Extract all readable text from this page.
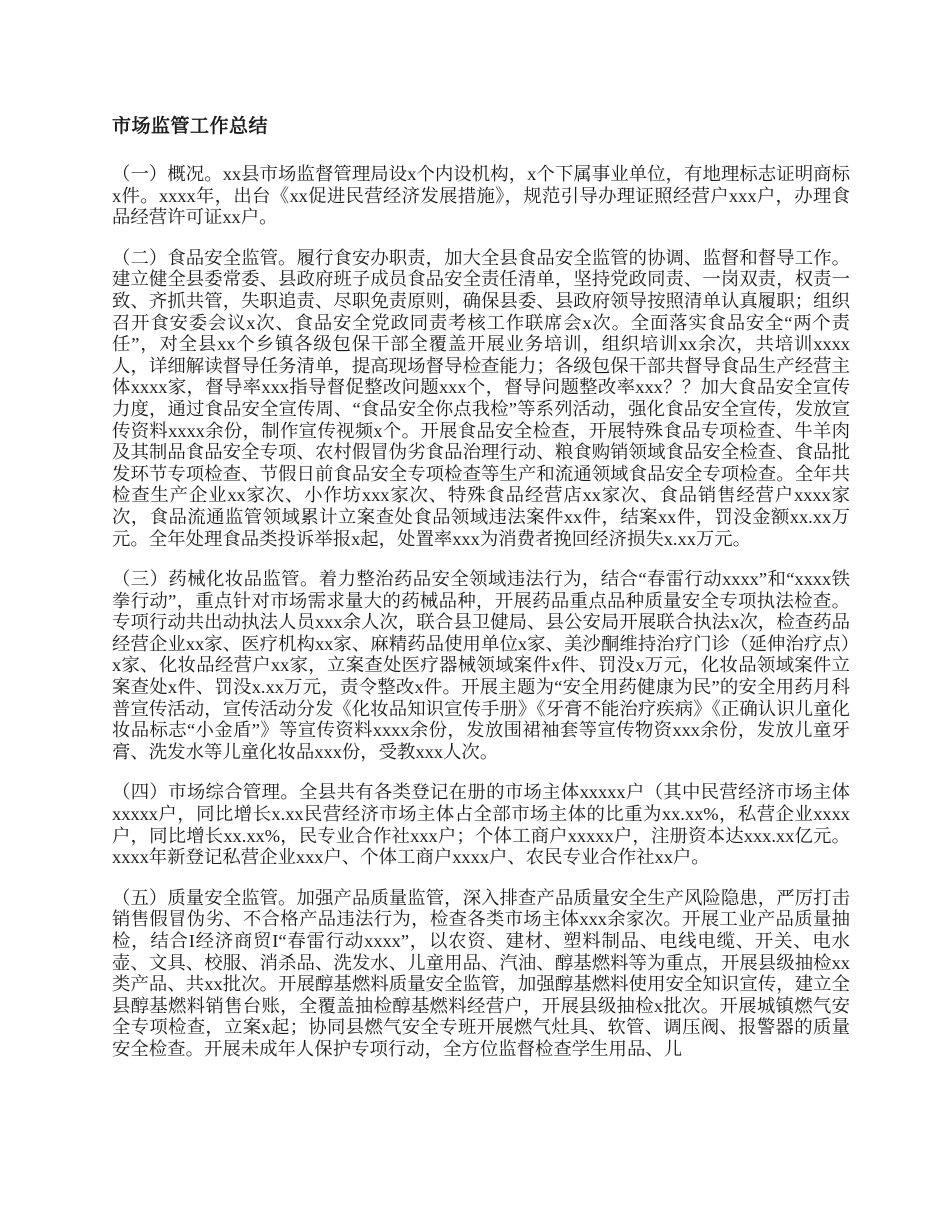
市场监管工作总结

（一）概况。xx县市场监督管理局设x个内设机构，x个下属事业单位，有地理标志证明商标x件。xxxx年，出台《xx促进民营经济发展措施》，规范引导办理证照经营户xxx户，办理食品经营许可证xx户。

（二）食品安全监管。履行食安办职责，加大全县食品安全监管的协调、监督和督导工作。建立健全县委常委、县政府班子成员食品安全责任清单，坚持党政同责、一岗双责，权责一致、齐抓共管，失职追责、尽职免责原则，确保县委、县政府领导按照清单认真履职；组织召开食安委会议x次、食品安全党政同责考核工作联席会x次。全面落实食品安全“两个责任”，对全县xx个乡镇各级包保干部全覆盖开展业务培训，组织培训xx余次，共培训xxxx人，详细解读督导任务清单，提高现场督导检查能力；各级包保干部共督导食品生产经营主体xxxx家，督导率xxx指导督促整改问题xxx个，督导问题整改率xxx？？加大食品安全宣传力度，通过食品安全宣传周、“食品安全你点我检”等系列活动，强化食品安全宣传，发放宣传资料xxxx余份，制作宣传视频x个。开展食品安全检查，开展特殊食品专项检查、牛羊肉及其制品食品安全专项、农村假冒伪劣食品治理行动、粮食购销领域食品安全检查、食品批发环节专项检查、节假日前食品安全专项检查等生产和流通领域食品安全专项检查。全年共检查生产企业xx家次、小作坊xxx家次、特殊食品经营店xx家次、食品销售经营户xxxx家次，食品流通监管领域累计立案查处食品领域违法案件xx件，结案xx件，罚没金额xx.xx万元。全年处理食品类投诉举报x起，处置率xxx为消费者挽回经济损失x.xx万元。

（三）药械化妆品监管。着力整治药品安全领域违法行为，结合“春雷行动xxxx”和“xxxx铁拳行动”，重点针对市场需求量大的药械品种，开展药品重点品种质量安全专项执法检查。专项行动共出动执法人员xxx余人次，联合县卫健局、县公安局开展联合执法x次，检查药品经营企业xx家、医疗机构xx家、麻精药品使用单位x家、美沙酮维持治疗门诊（延伸治疗点）x家、化妆品经营户xx家，立案查处医疗器械领域案件x件、罚没x万元，化妆品领域案件立案查处x件、罚没x.xx万元，责令整改x件。开展主题为“安全用药健康为民”的安全用药月科普宣传活动，宣传活动分发《化妆品知识宣传手册》《牙膏不能治疗疾病》《正确认识儿童化妆品标志“小金盾”》等宣传资料xxxx余份，发放围裙袖套等宣传物资xxx余份，发放儿童牙膏、洗发水等儿童化妆品xxx份，受教xxx人次。

（四）市场综合管理。全县共有各类登记在册的市场主体xxxxx户（其中民营经济市场主体xxxxx户，同比增长x.xx民营经济市场主体占全部市场主体的比重为xx.xx%，私营企业xxxx户，同比增长xx.xx%，民专业合作社xxx户；个体工商户xxxxx户，注册资本达xxx.xx亿元。xxxx年新登记私营企业xxx户、个体工商户xxxx户、农民专业合作社xx户。

（五）质量安全监管。加强产品质量监管，深入排查产品质量安全生产风险隐患，严厉打击销售假冒伪劣、不合格产品违法行为，检查各类市场主体xxx余家次。开展工业产品质量抽检，结合I经济商贸I“春雷行动xxxx”，以农资、建材、塑料制品、电线电缆、开关、电水壶、文具、校服、消杀品、洗发水、儿童用品、汽油、醇基燃料等为重点，开展县级抽检xx类产品、共xx批次。开展醇基燃料质量安全监管，加强醇基燃料使用安全知识宣传，建立全县醇基燃料销售台账，全覆盖抽检醇基燃料经营户，开展县级抽检x批次。开展城镇燃气安全专项检查，立案x起；协同县燃气安全专班开展燃气灶具、软管、调压阀、报警器的质量安全检查。开展未成年人保护专项行动，全方位监督检查学生用品、儿
